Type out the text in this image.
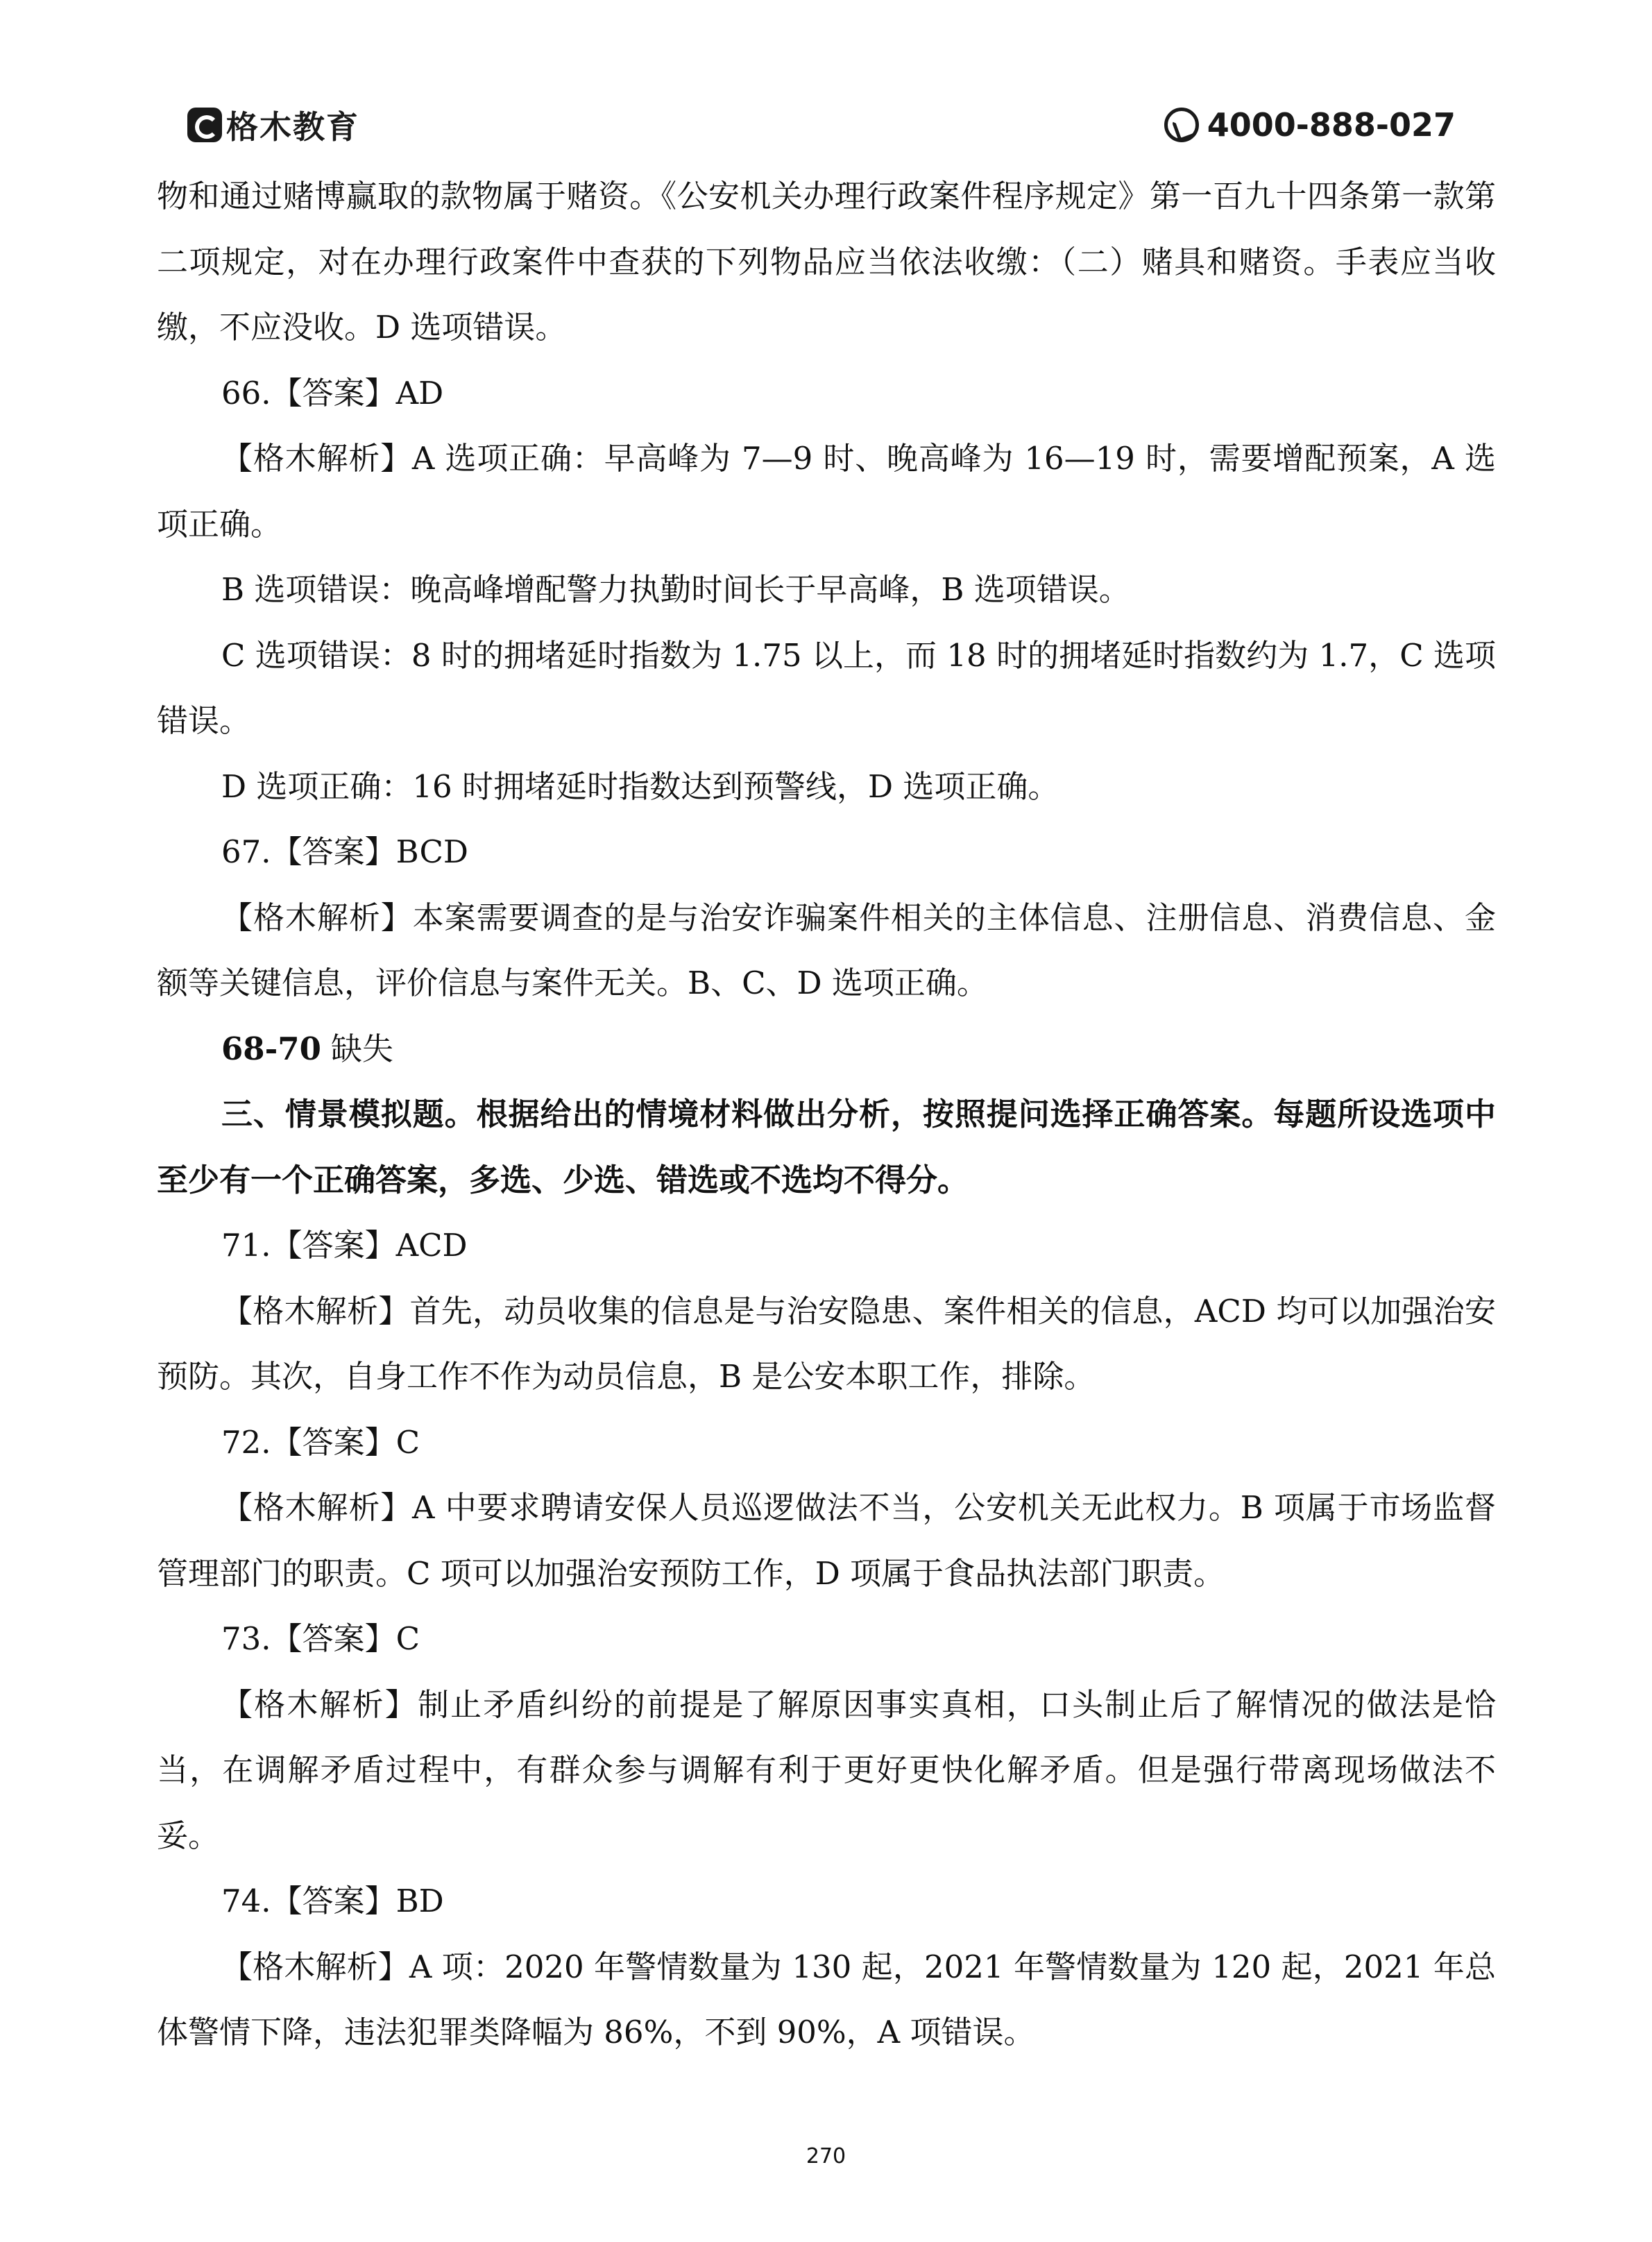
格木教育	4000-888-027

物和通过赌博赢取的款物属于赌资。《公安机关办理行政案件程序规定》第一百九十四条第一款第二项规定，对在办理行政案件中查获的下列物品应当依法收缴：（二）赌具和赌资。手表应当收缴，不应没收。D 选项错误。

66.【答案】AD

【格木解析】A 选项正确：早高峰为 7—9 时、晚高峰为 16—19 时，需要增配预案，A 选项正确。

B 选项错误：晚高峰增配警力执勤时间长于早高峰，B 选项错误。

C 选项错误：8 时的拥堵延时指数为 1.75 以上，而 18 时的拥堵延时指数约为 1.7，C 选项错误。

D 选项正确：16 时拥堵延时指数达到预警线，D 选项正确。

67.【答案】BCD

【格木解析】本案需要调查的是与治安诈骗案件相关的主体信息、注册信息、消费信息、金额等关键信息，评价信息与案件无关。B、C、D 选项正确。

68-70 缺失

三、情景模拟题。根据给出的情境材料做出分析，按照提问选择正确答案。每题所设选项中至少有一个正确答案，多选、少选、错选或不选均不得分。

71.【答案】ACD

【格木解析】首先，动员收集的信息是与治安隐患、案件相关的信息，ACD 均可以加强治安预防。其次，自身工作不作为动员信息，B 是公安本职工作，排除。

72.【答案】C

【格木解析】A 中要求聘请安保人员巡逻做法不当，公安机关无此权力。B 项属于市场监督管理部门的职责。C 项可以加强治安预防工作，D 项属于食品执法部门职责。

73.【答案】C

【格木解析】制止矛盾纠纷的前提是了解原因事实真相，口头制止后了解情况的做法是恰当，在调解矛盾过程中，有群众参与调解有利于更好更快化解矛盾。但是强行带离现场做法不妥。

74.【答案】BD

【格木解析】A 项：2020 年警情数量为 130 起，2021 年警情数量为 120 起，2021 年总体警情下降，违法犯罪类降幅为 86%，不到 90%，A 项错误。

270
